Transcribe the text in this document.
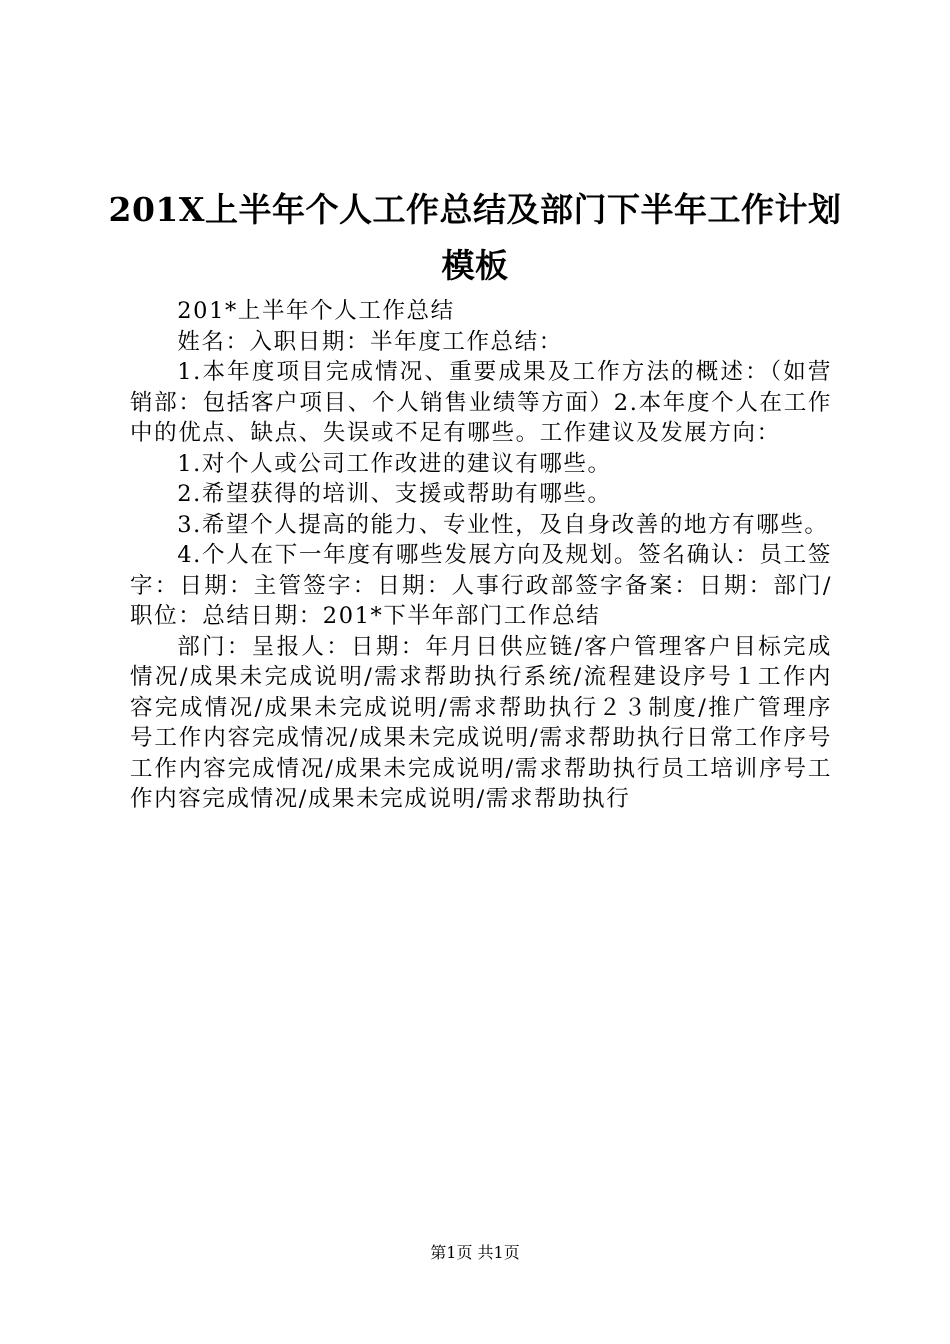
201X上半年个人工作总结及部门下半年工作计划模板

201*上半年个人工作总结

姓名：入职日期：半年度工作总结：

1.本年度项目完成情况、重要成果及工作方法的概述：（如营销部：包括客户项目、个人销售业绩等方面）2.本年度个人在工作中的优点、缺点、失误或不足有哪些。工作建议及发展方向：

1.对个人或公司工作改进的建议有哪些。

2.希望获得的培训、支援或帮助有哪些。

3.希望个人提高的能力、专业性，及自身改善的地方有哪些。

4.个人在下一年度有哪些发展方向及规划。签名确认：员工签字：日期：主管签字：日期：人事行政部签字备案：日期：部门/职位：总结日期：201*下半年部门工作总结

部门：呈报人：日期：年月日供应链/客户管理客户目标完成情况/成果未完成说明/需求帮助执行系统/流程建设序号１工作内容完成情况/成果未完成说明/需求帮助执行２３制度/推广管理序号工作内容完成情况/成果未完成说明/需求帮助执行日常工作序号工作内容完成情况/成果未完成说明/需求帮助执行员工培训序号工作内容完成情况/成果未完成说明/需求帮助执行

第1页 共1页
